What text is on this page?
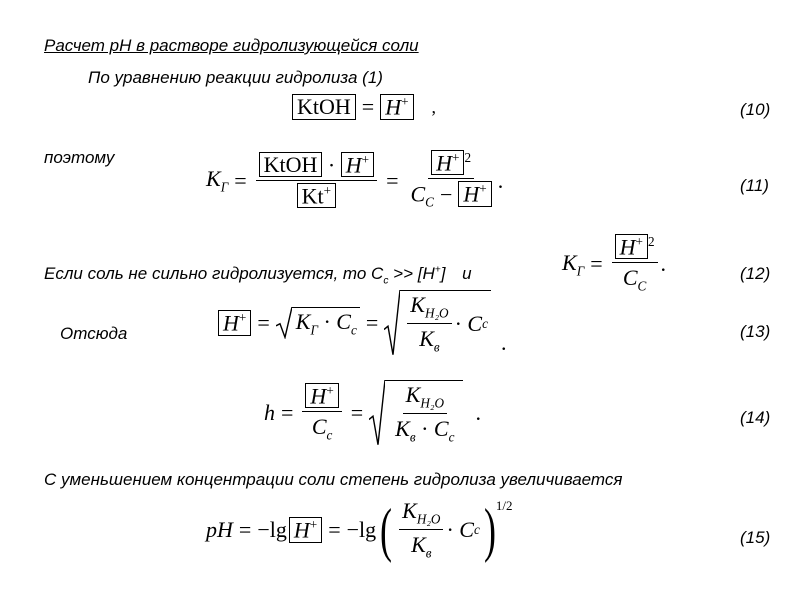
Расчет pH в растворе гидролизующейся соли
По уравнению реакции гидролиза (1)
KtOH = H+ ,	(10)
поэтому
$K_Г = \frac{KtOH \cdot H^+}{Kt^+} = \frac{H^+ ^2}{C_C - H^+}$ .	(11)
Если соль не сильно гидролизуется, то $C_c >> [H^+]$ и	$K_Г = \frac{H^+ ^2}{C_C}$ .	(12)
Отсюда	$H^+ = K_Г \cdot C_c = \frac{K_{H_2O}}{K_в} \cdot C$ c
.	(13)
$h = \frac{H^+}{C_c} = \frac{K_{H_2O}}{K_в \cdot C_c}$ .	(14)
С уменьшением концентрации соли степень гидролиза увеличивается
pH = − lg H+ = − lg ( $\frac{K_{H_2O}}{K_в} \cdot C$ c ) 1/2
(15)
